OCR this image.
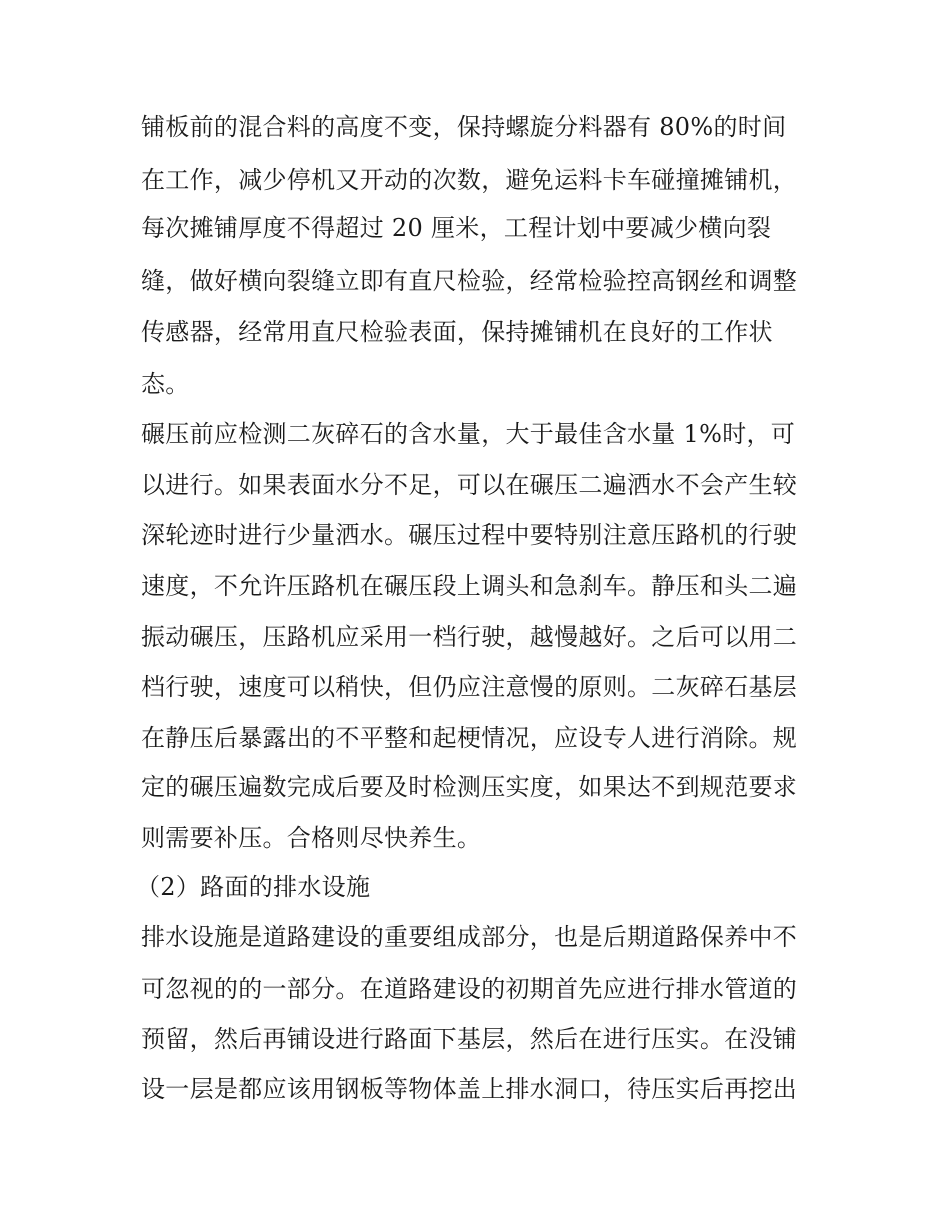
铺板前的混合料的高度不变，保持螺旋分料器有 80%的时间
在工作，减少停机又开动的次数，避免运料卡车碰撞摊铺机，
每次摊铺厚度不得超过 20 厘米，工程计划中要减少横向裂
缝，做好横向裂缝立即有直尺检验，经常检验控高钢丝和调整
传感器，经常用直尺检验表面，保持摊铺机在良好的工作状
态。
碾压前应检测二灰碎石的含水量，大于最佳含水量 1%时，可
以进行。如果表面水分不足，可以在碾压二遍洒水不会产生较
深轮迹时进行少量洒水。碾压过程中要特别注意压路机的行驶
速度，不允许压路机在碾压段上调头和急刹车。静压和头二遍
振动碾压，压路机应采用一档行驶，越慢越好。之后可以用二
档行驶，速度可以稍快，但仍应注意慢的原则。二灰碎石基层
在静压后暴露出的不平整和起梗情况，应设专人进行消除。规
定的碾压遍数完成后要及时检测压实度，如果达不到规范要求
则需要补压。合格则尽快养生。
（2）路面的排水设施
排水设施是道路建设的重要组成部分，也是后期道路保养中不
可忽视的的一部分。在道路建设的初期首先应进行排水管道的
预留，然后再铺设进行路面下基层，然后在进行压实。在没铺
设一层是都应该用钢板等物体盖上排水洞口，待压实后再挖出
